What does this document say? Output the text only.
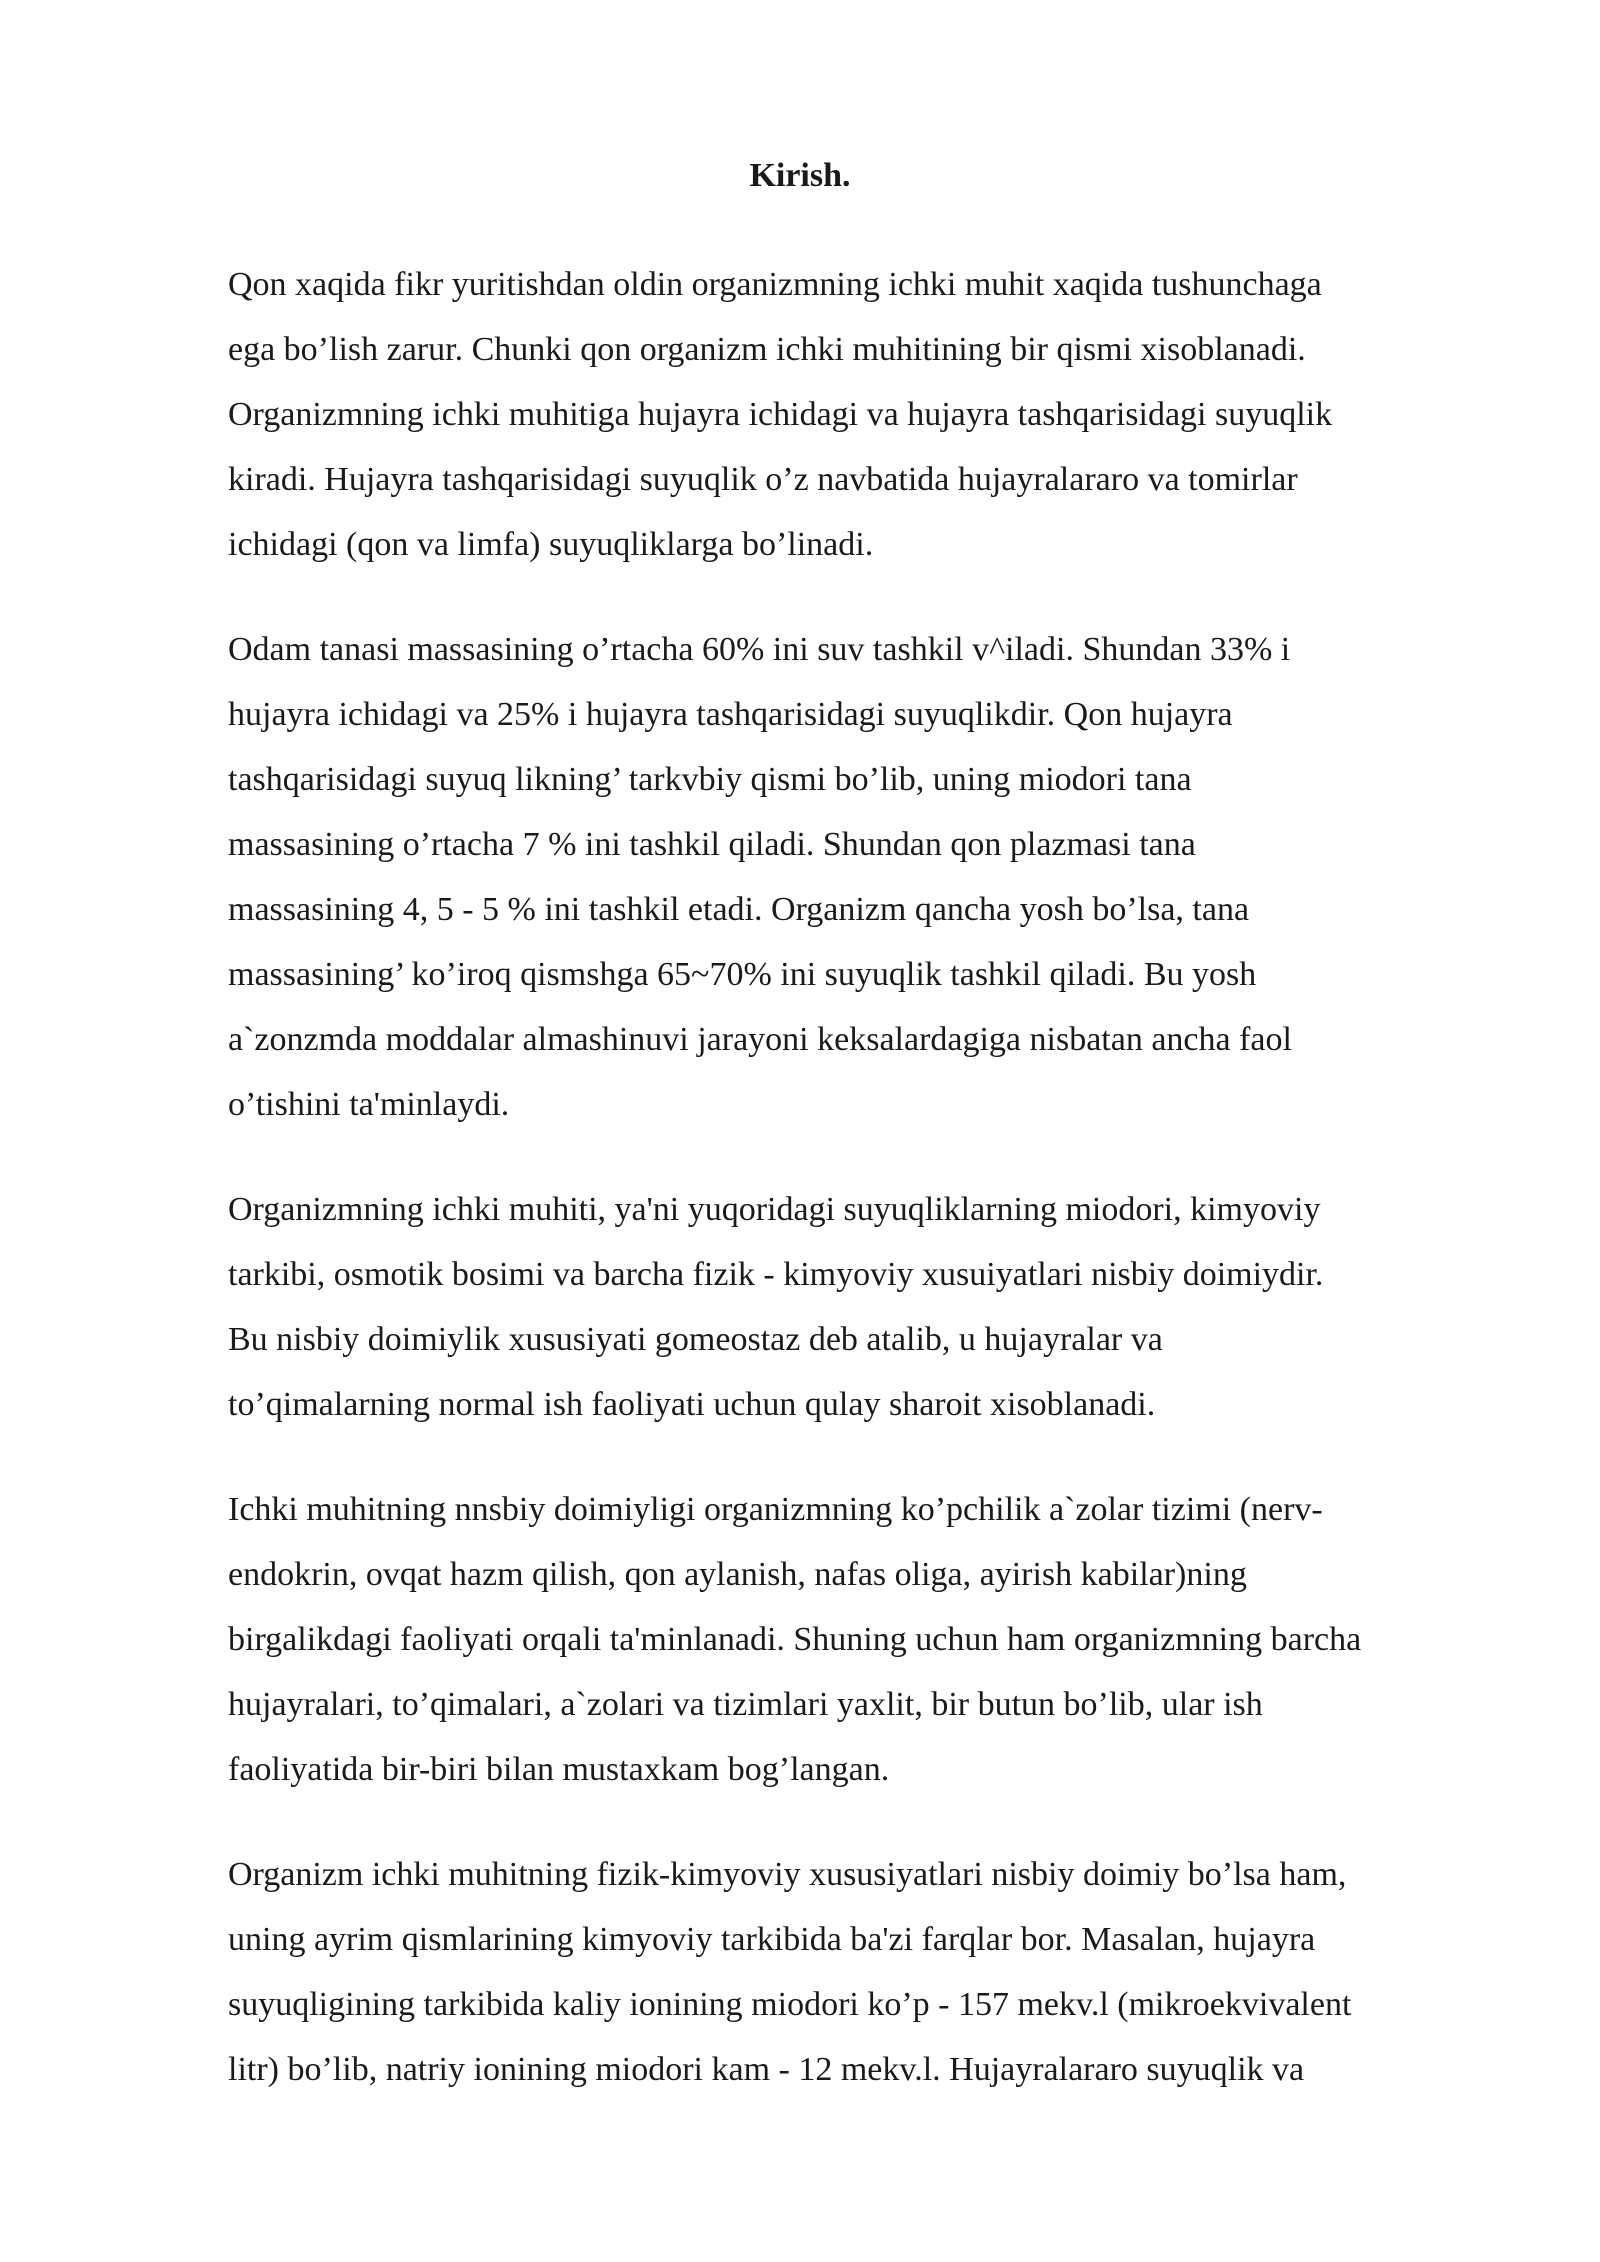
Kirish.

Qon xaqida fikr yuritishdan oldin organizmning ichki muhit xaqida tushunchaga
ega bo’lish zarur. Chunki qon organizm ichki muhitining bir qismi xisoblanadi.
Organizmning ichki muhitiga hujayra ichidagi va hujayra tashqarisidagi suyuqlik
kiradi. Hujayra tashqarisidagi suyuqlik o’z navbatida hujayralararo va tomirlar
ichidagi (qon va limfa) suyuqliklarga bo’linadi.

Odam tanasi massasining o’rtacha 60% ini suv tashkil v^iladi. Shundan 33% i
hujayra ichidagi va 25% i hujayra tashqarisidagi suyuqlikdir. Qon hujayra
tashqarisidagi suyuq likning’ tarkvbiy qismi bo’lib, uning miodori tana
massasining o’rtacha 7 % ini tashkil qiladi. Shundan qon plazmasi tana
massasining 4, 5 - 5 % ini tashkil etadi. Organizm qancha yosh bo’lsa, tana
massasining’ ko’iroq qismshga 65~70% ini suyuqlik tashkil qiladi. Bu yosh
a`zonzmda moddalar almashinuvi jarayoni keksalardagiga nisbatan ancha faol
o’tishini ta'minlaydi.

Organizmning ichki muhiti, ya'ni yuqoridagi suyuqliklarning miodori, kimyoviy
tarkibi, osmotik bosimi va barcha fizik - kimyoviy xusuiyatlari nisbiy doimiydir.
Bu nisbiy doimiylik xususiyati gomeostaz deb atalib, u hujayralar va
to’qimalarning normal ish faoliyati uchun qulay sharoit xisoblanadi.

Ichki muhitning nnsbiy doimiyligi organizmning ko’pchilik a`zolar tizimi (nerv-
endokrin, ovqat hazm qilish, qon aylanish, nafas oliga, ayirish kabilar)ning
birgalikdagi faoliyati orqali ta'minlanadi. Shuning uchun ham organizmning barcha
hujayralari, to’qimalari, a`zolari va tizimlari yaxlit, bir butun bo’lib, ular ish
faoliyatida bir-biri bilan mustaxkam bog’langan.

Organizm ichki muhitning fizik-kimyoviy xususiyatlari nisbiy doimiy bo’lsa ham,
uning ayrim qismlarining kimyoviy tarkibida ba'zi farqlar bor. Masalan, hujayra
suyuqligining tarkibida kaliy ionining miodori ko’p - 157 mekv.l (mikroekvivalent
litr) bo’lib, natriy ionining miodori kam - 12 mekv.l. Hujayralararo suyuqlik va
